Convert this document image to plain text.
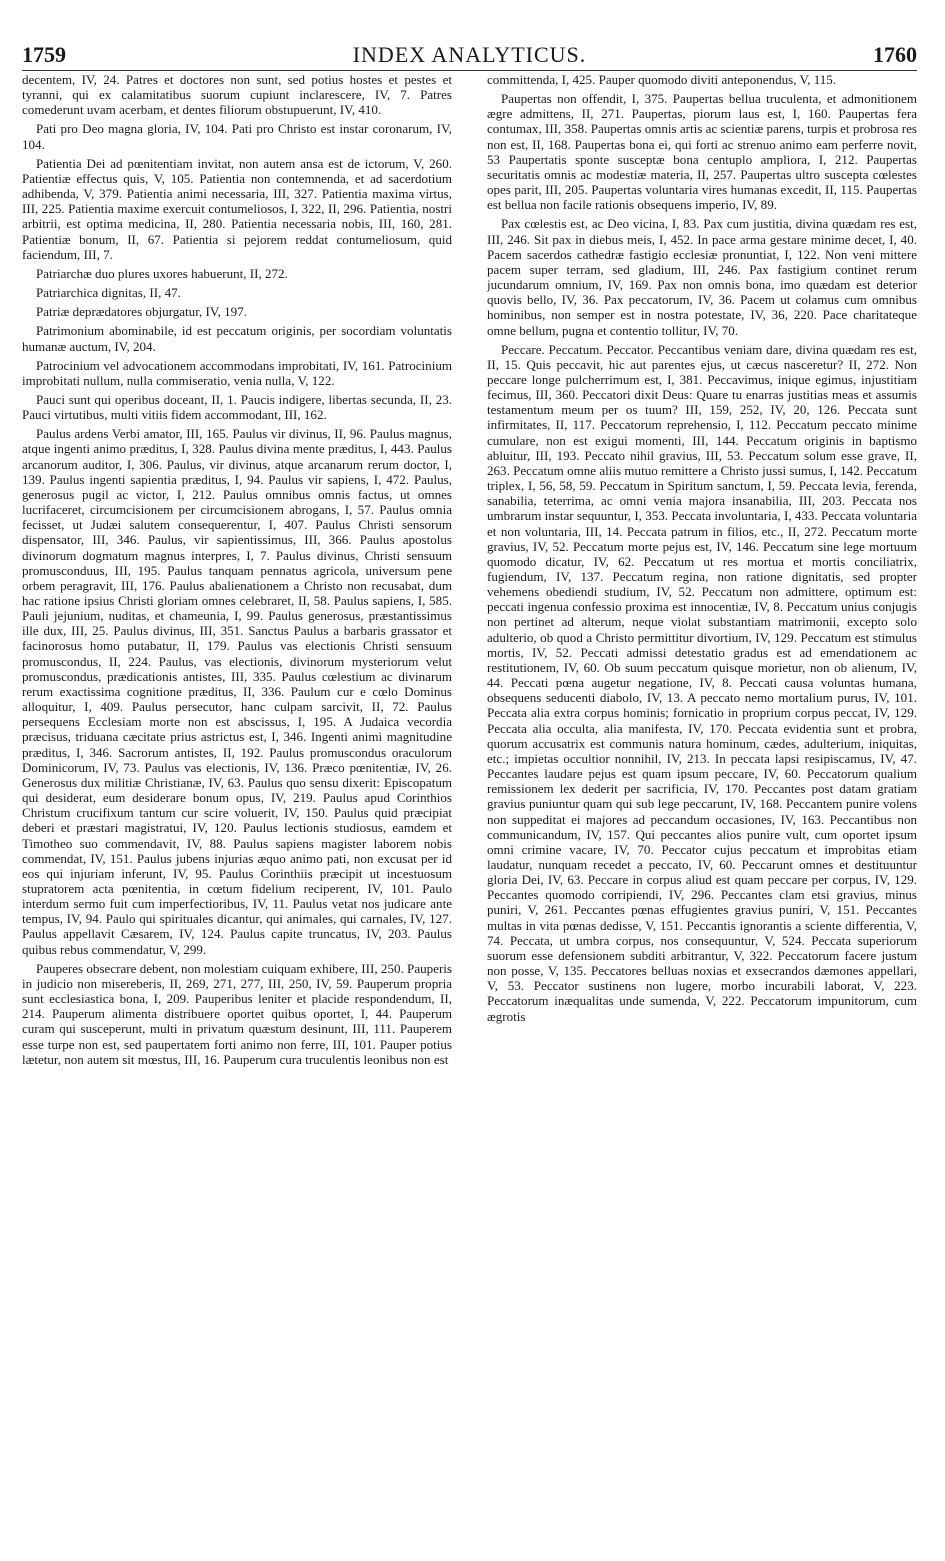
1759	INDEX ANALYTICUS.	1760

decentem, IV, 24. Patres et doctores non sunt, sed potius hostes et pestes et tyranni, qui ex calamitatibus suorum cupiunt inclarescere, IV, 7. Patres comederunt uvam acerbam, et dentes filiorum obstupuerunt, IV, 410.

Pati pro Deo magna gloria, IV, 104. Pati pro Christo est instar coronarum, IV, 104.

Patientia Dei ad pœnitentiam invitat, non autem ansa est de ictorum, V, 260. Patientiæ effectus quis, V, 105. Patientia non contemnenda, et ad sacerdotium adhibenda, V, 379. Patientia animi necessaria, III, 327. Patientia maxima virtus, III, 225. Patientia maxime exercuit contumeliosos, I, 322, II, 296. Patientia, nostri arbitrii, est optima medicina, II, 280. Patientia necessaria nobis, III, 160, 281. Patientiæ bonum, II, 67. Patientia si pejorem reddat contumeliosum, quid faciendum, III, 7.

Patriarchæ duo plures uxores habuerunt, II, 272.

Patriarchica dignitas, II, 47.

Patriæ deprædatores objurgatur, IV, 197.

Patrimonium abominabile, id est peccatum originis, per socordiam voluntatis humanæ auctum, IV, 204.

Patrocinium vel advocationem accommodans improbitati, IV, 161. Patrocinium improbitati nullum, nulla commiseratio, venia nulla, V, 122.

Pauci sunt qui operibus doceant, II, 1. Paucis indigere, libertas secunda, II, 23. Pauci virtutibus, multi vitiis fidem accommodant, III, 162.

Paulus ardens Verbi amator, III, 165. Paulus vir divinus, II, 96. Paulus magnus, atque ingenti animo præditus, I, 328. Paulus divina mente præditus, I, 443. Paulus arcanorum auditor, I, 306. Paulus, vir divinus, atque arcanarum rerum doctor, I, 139. Paulus ingenti sapientia præditus, I, 94. Paulus vir sapiens, I, 472. Paulus, generosus pugil ac victor, I, 212. Paulus omnibus omnis factus, ut omnes lucrifaceret, circumcisionem per circumcisionem abrogans, I, 57. Paulus omnia fecisset, ut Judæi salutem consequerentur, I, 407. Paulus Christi sensorum dispensator, III, 346. Paulus, vir sapientissimus, III, 366. Paulus apostolus divinorum dogmatum magnus interpres, I, 7. Paulus divinus, Christi sensuum promusconduus, III, 195. Paulus tanquam pennatus agricola, universum pene orbem peragravit, III, 176. Paulus abalienationem a Christo non recusabat, dum hac ratione ipsius Christi gloriam omnes celebraret, II, 58. Paulus sapiens, I, 585. Pauli jejunium, nuditas, et chameunia, I, 99. Paulus generosus, præstantissimus ille dux, III, 25. Paulus divinus, III, 351. Sanctus Paulus a barbaris grassator et facinorosus homo putabatur, II, 179. Paulus vas electionis Christi sensuum promuscondus, II, 224. Paulus, vas electionis, divinorum mysteriorum velut promuscondus, prædicationis antistes, III, 335. Paulus cœlestium ac divinarum rerum exactissima cognitione præditus, II, 336. Paulum cur e cœlo Dominus alloquitur, I, 409. Paulus persecutor, hanc culpam sarcivit, II, 72. Paulus persequens Ecclesiam morte non est abscissus, I, 195. A Judaica vecordia præcisus, triduana cæcitate prius astrictus est, I, 346. Ingenti animi magnitudine præditus, I, 346. Sacrorum antistes, II, 192. Paulus promuscondus oraculorum Dominicorum, IV, 73. Paulus vas electionis, IV, 136. Præco pœnitentiæ, IV, 26. Generosus dux militiæ Christianæ, IV, 63. Paulus quo sensu dixerit: Episcopatum qui desiderat, eum desiderare bonum opus, IV, 219. Paulus apud Corinthios Christum crucifixum tantum cur scire voluerit, IV, 150. Paulus quid præcipiat deberi et præstari magistratui, IV, 120. Paulus lectionis studiosus, eamdem et Timotheo suo commendavit, IV, 88. Paulus sapiens magister laborem nobis commendat, IV, 151. Paulus jubens injurias æquo animo pati, non excusat per id eos qui injuriam inferunt, IV, 95. Paulus Corinthiis præcipit ut incestuosum stupratorem acta pœnitentia, in cœtum fidelium reciperent, IV, 101. Paulo interdum sermo fuit cum imperfectioribus, IV, 11. Paulus vetat nos judicare ante tempus, IV, 94. Paulo qui spirituales dicantur, qui animales, qui carnales, IV, 127. Paulus appellavit Cæsarem, IV, 124. Paulus capite truncatus, IV, 203. Paulus quibus rebus commendatur, V, 299.

Pauperes obsecrare debent, non molestiam cuiquam exhibere, III, 250. Pauperis in judicio non misereberis, II, 269, 271, 277, III, 250, IV, 59. Pauperum propria sunt ecclesiastica bona, I, 209. Pauperibus leniter et placide respondendum, II, 214. Pauperum alimenta distribuere oportet quibus oportet, I, 44. Pauperum curam qui susceperunt, multi in privatum quæstum desinunt, III, 111. Pauperem esse turpe non est, sed paupertatem forti animo non ferre, III, 101. Pauper potius lætetur, non autem sit mœstus, III, 16. Pauperum cura truculentis leonibus non est

committenda, I, 425. Pauper quomodo diviti anteponendus, V, 115.

Paupertas non offendit, I, 375. Paupertas bellua truculenta, et admonitionem ægre admittens, II, 271. Paupertas, piorum laus est, I, 160. Paupertas fera contumax, III, 358. Paupertas omnis artis ac scientiæ parens, turpis et probrosa res non est, II, 168. Paupertas bona ei, qui forti ac strenuo animo eam perferre novit, 53 Paupertatis sponte susceptæ bona centuplo ampliora, I, 212. Paupertas securitatis omnis ac modestiæ materia, II, 257. Paupertas ultro suscepta cœlestes opes parit, III, 205. Paupertas voluntaria vires humanas excedit, II, 115. Paupertas est bellua non facile rationis obsequens imperio, IV, 89.

Pax cœlestis est, ac Deo vicina, I, 83. Pax cum justitia, divina quædam res est, III, 246. Sit pax in diebus meis, I, 452. In pace arma gestare minime decet, I, 40. Pacem sacerdos cathedræ fastigio ecclesiæ pronuntiat, I, 122. Non veni mittere pacem super terram, sed gladium, III, 246. Pax fastigium continet rerum jucundarum omnium, IV, 169. Pax non omnis bona, imo quædam est deterior quovis bello, IV, 36. Pax peccatorum, IV, 36. Pacem ut colamus cum omnibus hominibus, non semper est in nostra potestate, IV, 36, 220. Pace charitateque omne bellum, pugna et contentio tollitur, IV, 70.

Peccare. Peccatum. Peccator. Peccantibus veniam dare, divina quædam res est, II, 15. Quis peccavit, hic aut parentes ejus, ut cæcus nasceretur? II, 272. Non peccare longe pulcherrimum est, I, 381. Peccavimus, inique egimus, injustitiam fecimus, III, 360. Peccatori dixit Deus: Quare tu enarras justitias meas et assumis testamentum meum per os tuum? III, 159, 252, IV, 20, 126. Peccata sunt infirmitates, II, 117. Peccatorum reprehensio, I, 112. Peccatum peccato minime cumulare, non est exigui momenti, III, 144. Peccatum originis in baptismo abluitur, III, 193. Peccato nihil gravius, III, 53. Peccatum solum esse grave, II, 263. Peccatum omne aliis mutuo remittere a Christo jussi sumus, I, 142. Peccatum triplex, I, 56, 58, 59. Peccatum in Spiritum sanctum, I, 59. Peccata levia, ferenda, sanabilia, teterrima, ac omni venia majora insanabilia, III, 203. Peccata nos umbrarum instar sequuntur, I, 353. Peccata involuntaria, I, 433. Peccata voluntaria et non voluntaria, III, 14. Peccata patrum in filios, etc., II, 272. Peccatum morte gravius, IV, 52. Peccatum morte pejus est, IV, 146. Peccatum sine lege mortuum quomodo dicatur, IV, 62. Peccatum ut res mortua et mortis conciliatrix, fugiendum, IV, 137. Peccatum regina, non ratione dignitatis, sed propter vehemens obediendi studium, IV, 52. Peccatum non admittere, optimum est: peccati ingenua confessio proxima est innocentiæ, IV, 8. Peccatum unius conjugis non pertinet ad alterum, neque violat substantiam matrimonii, excepto solo adulterio, ob quod a Christo permittitur divortium, IV, 129. Peccatum est stimulus mortis, IV, 52. Peccati admissi detestatio gradus est ad emendationem ac restitutionem, IV, 60. Ob suum peccatum quisque morietur, non ob alienum, IV, 44. Peccati pœna augetur negatione, IV, 8. Peccati causa voluntas humana, obsequens seducenti diabolo, IV, 13. A peccato nemo mortalium purus, IV, 101. Peccata alia extra corpus hominis; fornicatio in proprium corpus peccat, IV, 129. Peccata alia occulta, alia manifesta, IV, 170. Peccata evidentia sunt et probra, quorum accusatrix est communis natura hominum, cædes, adulterium, iniquitas, etc.; impietas occultior nonnihil, IV, 213. In peccata lapsi resipiscamus, IV, 47. Peccantes laudare pejus est quam ipsum peccare, IV, 60. Peccatorum qualium remissionem lex dederit per sacrificia, IV, 170. Peccantes post datam gratiam gravius puniuntur quam qui sub lege peccarunt, IV, 168. Peccantem punire volens non suppeditat ei majores ad peccandum occasiones, IV, 163. Peccantibus non communicandum, IV, 157. Qui peccantes alios punire vult, cum oportet ipsum omni crimine vacare, IV, 70. Peccator cujus peccatum et improbitas etiam laudatur, nunquam recedet a peccato, IV, 60. Peccarunt omnes et destituuntur gloria Dei, IV, 63. Peccare in corpus aliud est quam peccare per corpus, IV, 129. Peccantes quomodo corripiendi, IV, 296. Peccantes clam etsi gravius, minus puniri, V, 261. Peccantes pœnas effugientes gravius puniri, V, 151. Peccantes multas in vita pœnas dedisse, V, 151. Peccantis ignorantis a sciente differentia, V, 74. Peccata, ut umbra corpus, nos consequuntur, V, 524. Peccata superiorum suorum esse defensionem subditi arbitrantur, V, 322. Peccatorum facere justum non posse, V, 135. Peccatores belluas noxias et exsecrandos dæmones appellari, V, 53. Peccator sustinens non lugere, morbo incurabili laborat, V, 223. Peccatorum inæqualitas unde sumenda, V, 222. Peccatorum impunitorum, cum ægrotis
